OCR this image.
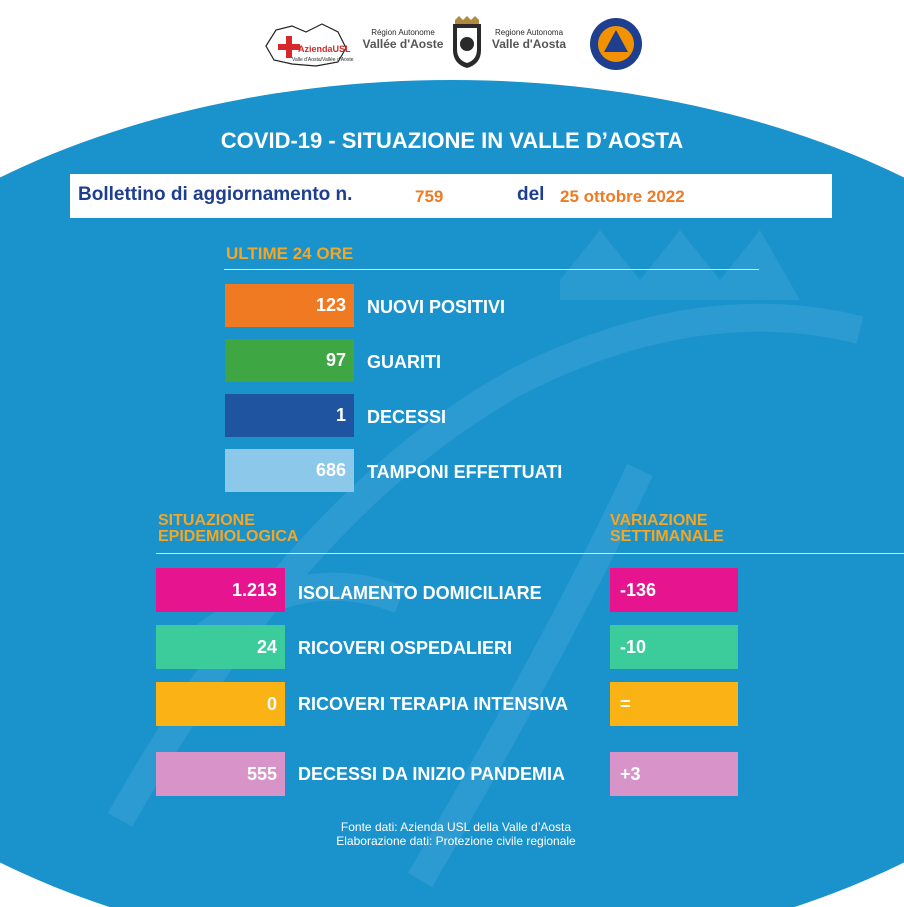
AziendaUSL
Valle d'Aosta/Vallée d'Aoste
Région Autonome
Vallée d'Aoste
Regione Autonoma
Valle d'Aosta
COVID-19 - SITUAZIONE IN VALLE D’AOSTA
Bollettino di aggiornamento n.	759	del 25 ottobre 2022
ULTIME 24 ORE
123	NUOVI POSITIVI
97	GUARITI
1	DECESSI
686	TAMPONI EFFETTUATI
SITUAZIONE
EPIDEMIOLOGICA
VARIAZIONE
SETTIMANALE
1.213	ISOLAMENTO DOMICILIARE	-136
24	RICOVERI OSPEDALIERI	-10
0	RICOVERI TERAPIA INTENSIVA	=
555	DECESSI DA INIZIO PANDEMIA	+3
Fonte dati: Azienda USL della Valle d’Aosta
Elaborazione dati: Protezione civile regionale
